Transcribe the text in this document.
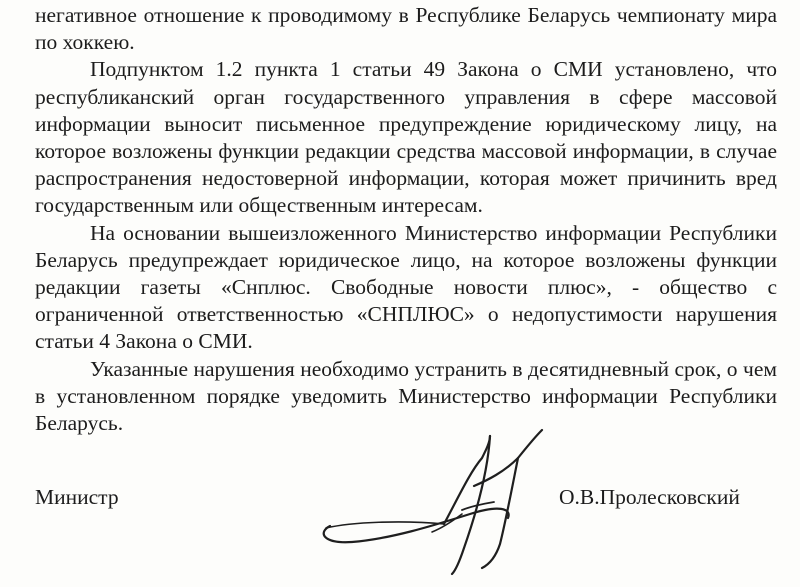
негативное отношение к проводимому в Республике Беларусь чемпионату мира по хоккею.

Подпунктом 1.2 пункта 1 статьи 49 Закона о СМИ установлено, что республиканский орган государственного управления в сфере массовой информации выносит письменное предупреждение юридическому лицу, на которое возложены функции редакции средства массовой информации, в случае распространения недостоверной информации, которая может причинить вред государственным или общественным интересам.

На основании вышеизложенного Министерство информации Республики Беларусь предупреждает юридическое лицо, на которое возложены функции редакции газеты «Снплюс. Свободные новости плюс», - общество с ограниченной ответственностью «СНПЛЮС» о недопустимости нарушения статьи 4 Закона о СМИ.

Указанные нарушения необходимо устранить в десятидневный срок, о чем в установленном порядке уведомить Министерство информации Республики Беларусь.

Министр	О.В.Пролесковский
